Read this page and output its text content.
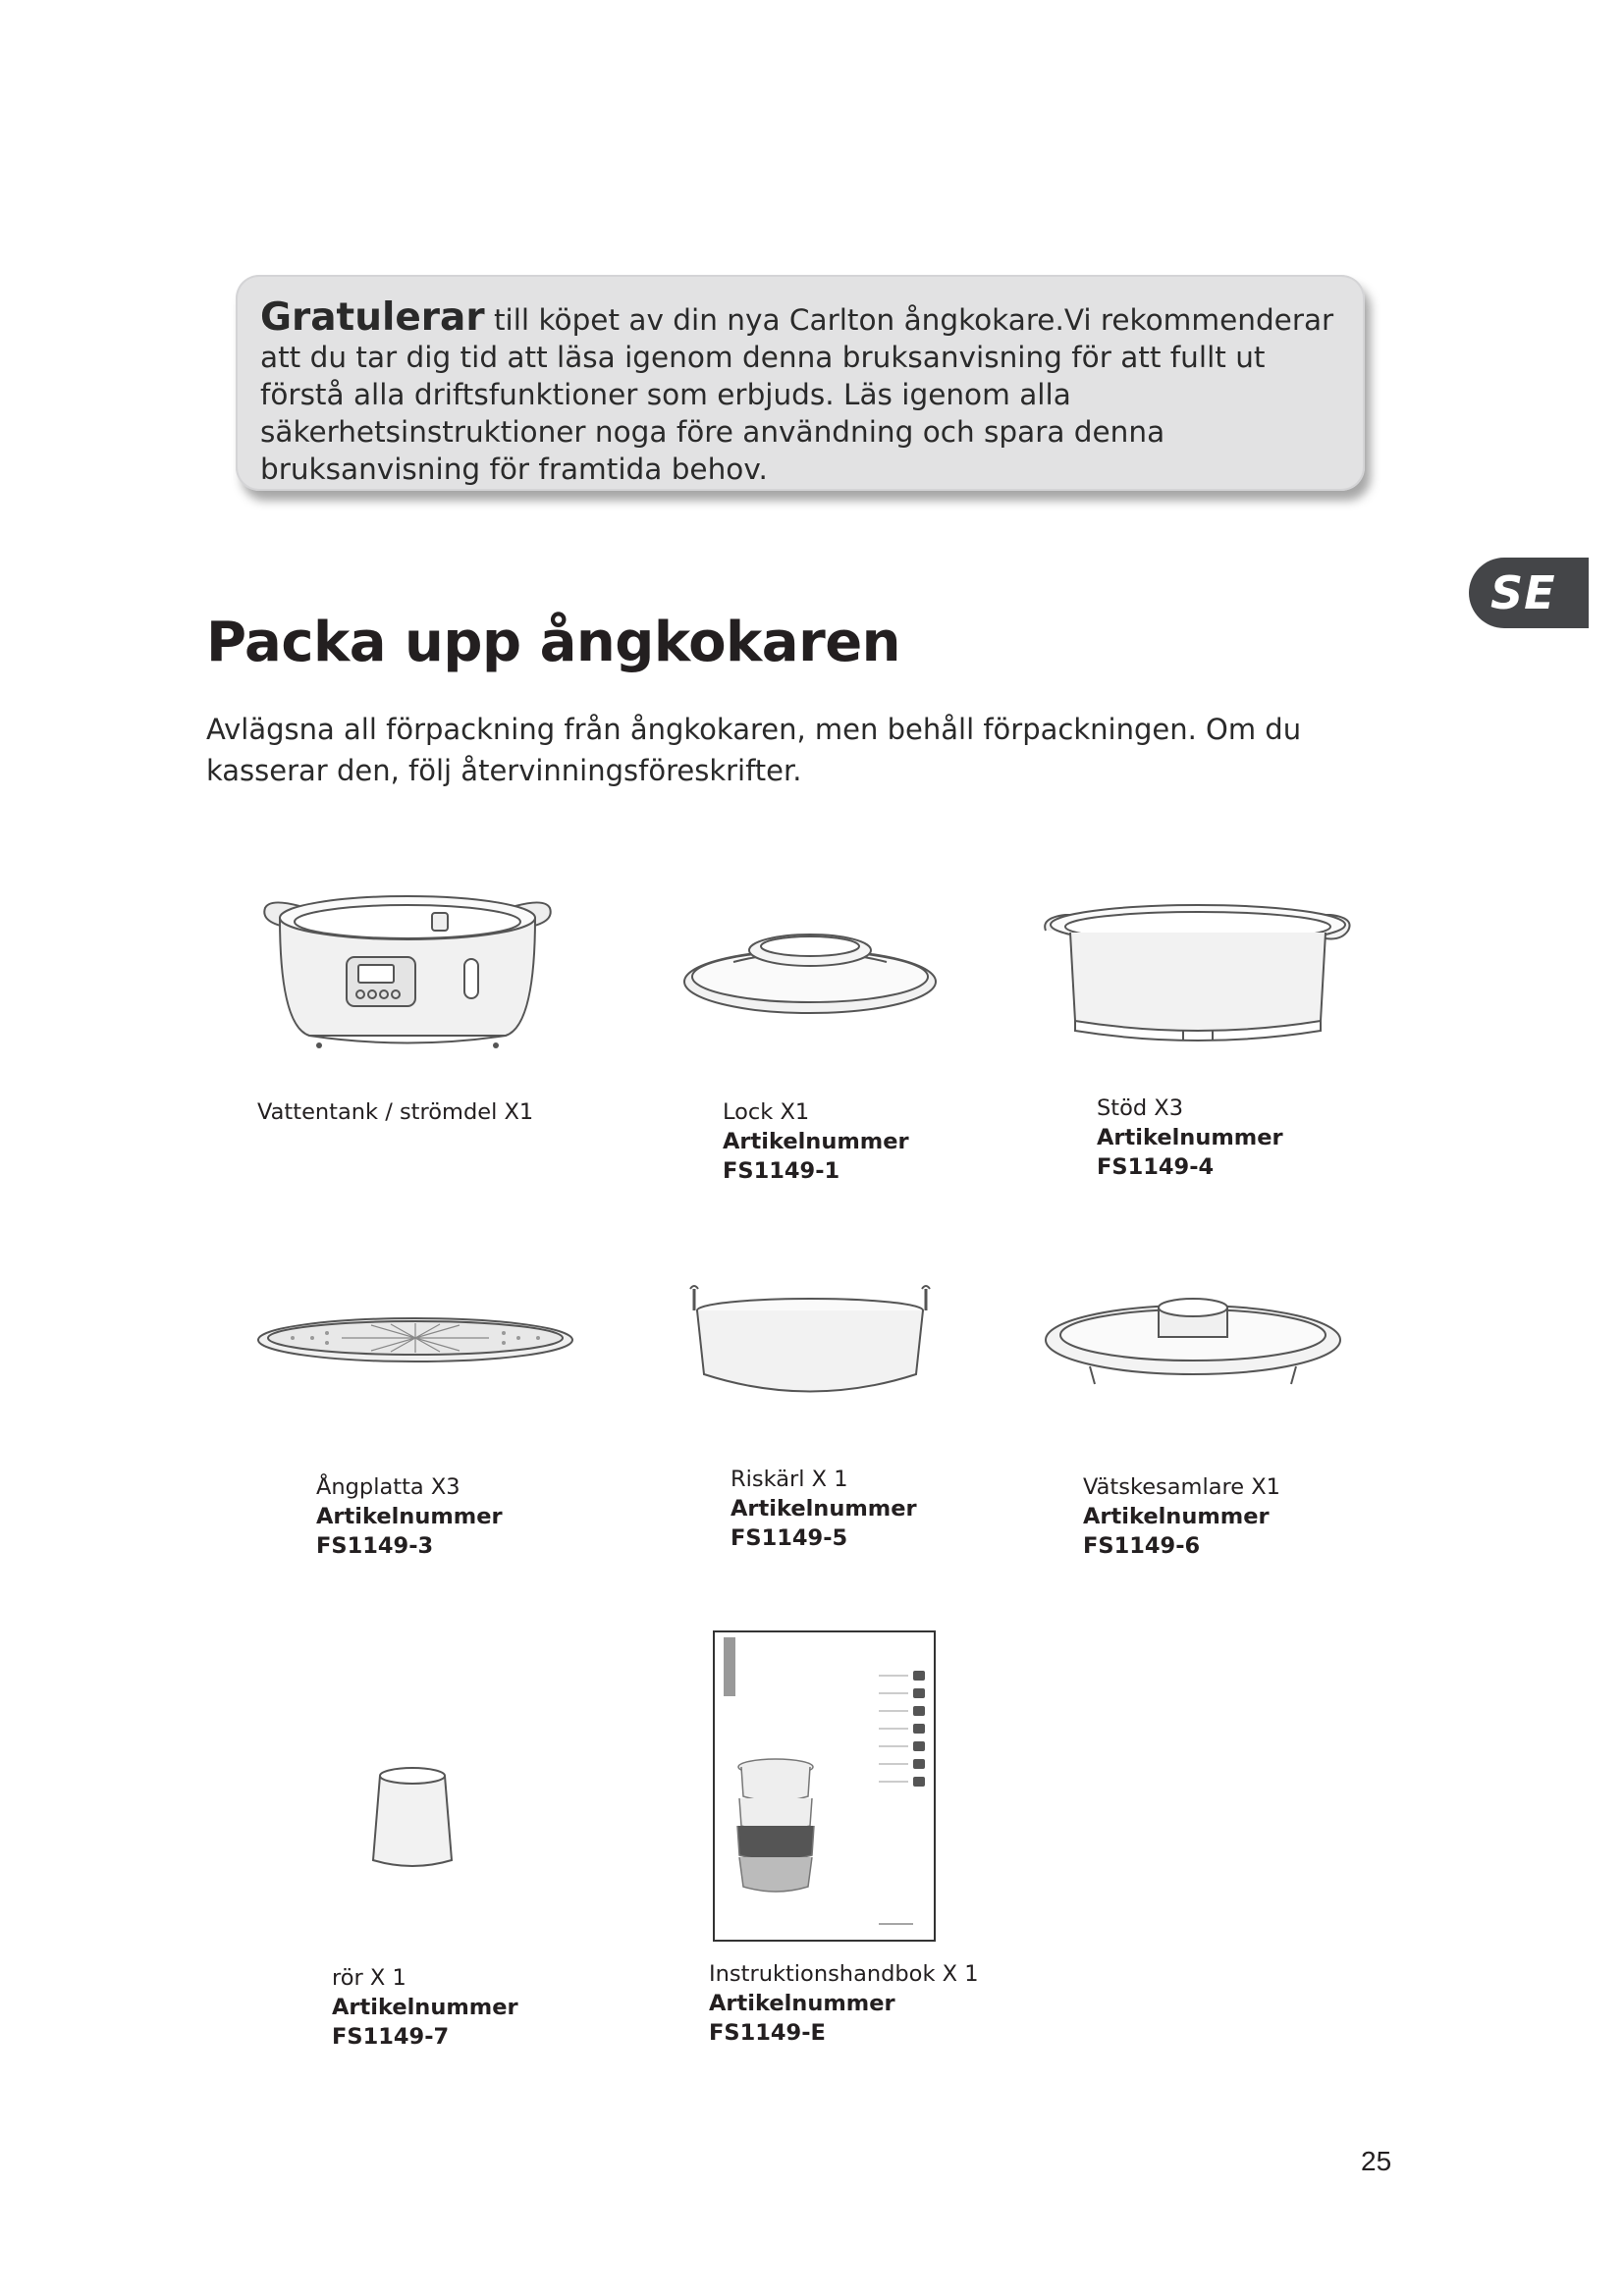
Gratulerar till köpet av din nya Carlton ångkokare.Vi rekommenderar att du tar dig tid att läsa igenom denna bruksanvisning för att fullt ut förstå alla driftsfunktioner som erbjuds. Läs igenom alla säkerhetsinstruktioner noga före användning och spara denna bruksanvisning för framtida behov.

SE
Packa upp ångkokaren

Avlägsna all förpackning från ångkokaren, men behåll förpackningen. Om du kasserar den, följ återvinningsföreskrifter.

Vattentank / strömdel X1	Lock X1
Artikelnummer
FS1149-1
Stöd X3
Artikelnummer
FS1149-4
Ångplatta X3
Artikelnummer
FS1149-3
Riskärl X 1
Artikelnummer
FS1149-5
Vätskesamlare X1
Artikelnummer
FS1149-6
rör X 1
Artikelnummer
FS1149-7
Instruktionshandbok X 1
Artikelnummer
FS1149-E
25
